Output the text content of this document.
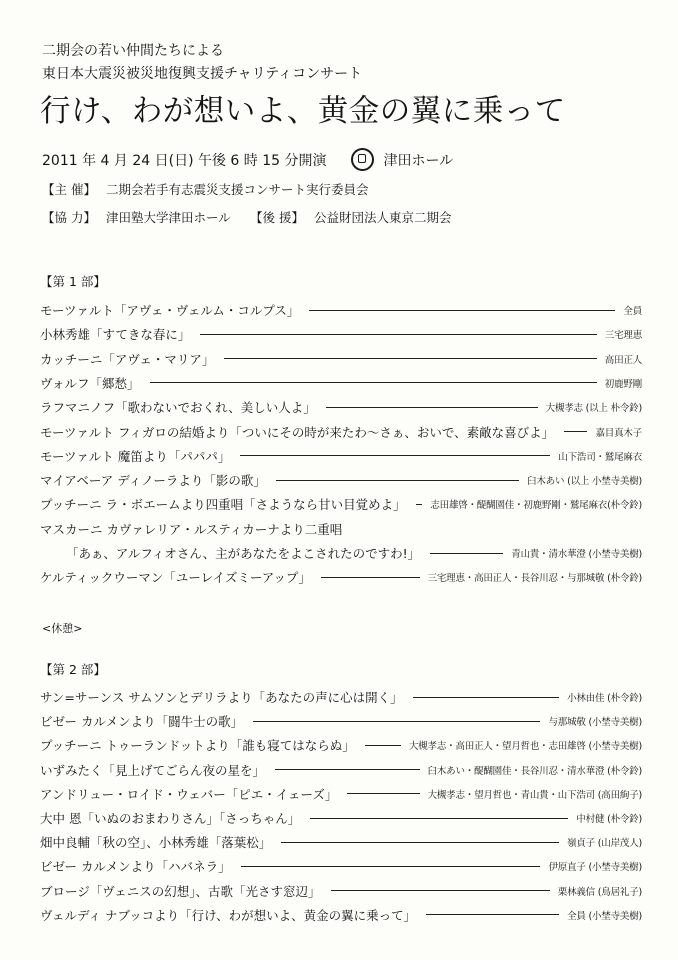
二期会の若い仲間たちによる
東日本大震災被災地復興支援チャリティコンサート
行け、わが想いよ、黄金の翼に乗って
2011 年 4 月 24 日(日) 午後 6 時 15 分開演	津田ホール
【主 催】 二期会若手有志震災支援コンサート実行委員会
【協 力】 津田塾大学津田ホール 【後 援】 公益財団法人東京二期会
【第 1 部】
モーツァルト「アヴェ・ヴェルム・コルプス」	全員
小林秀雄「すてきな春に」	三宅理恵
カッチーニ「アヴェ・マリア」	高田正人
ヴォルフ「郷愁」	初鹿野剛
ラフマニノフ「歌わないでおくれ、美しい人よ」	大槻孝志 (以上 朴令鈴)
モーツァルト フィガロの結婚より「ついにその時が来たわ～さぁ、おいで、素敵な喜びよ」	嘉目真木子
モーツァルト 魔笛より「パパパ」	山下浩司・鷲尾麻衣
マイアベーア ディノーラより「影の歌」	臼木あい (以上 小埜寺美樹)
プッチーニ ラ・ボエームより四重唱「さようなら甘い目覚めよ」	志田雄啓・醍醐園佳・初鹿野剛・鷲尾麻衣(朴令鈴)
マスカーニ カヴァレリア・ルスティカーナより二重唱
「あぁ、アルフィオさん、主があなたをよこされたのですわ!」	青山貴・清水華澄 (小埜寺美樹)
ケルティックウーマン「ユーレイズミーアップ」	三宅理恵・高田正人・長谷川忍・与那城敬 (朴令鈴)
<休憩>
【第 2 部】
サン=サーンス サムソンとデリラより「あなたの声に心は開く」	小林由佳 (朴令鈴)
ビゼー カルメンより「闘牛士の歌」	与那城敬 (小埜寺美樹)
プッチーニ トゥーランドットより「誰も寝てはならぬ」	大槻孝志・高田正人・望月哲也・志田雄啓 (小埜寺美樹)
いずみたく「見上げてごらん夜の星を」	臼木あい・醍醐園佳・長谷川忍・清水華澄 (朴令鈴)
アンドリュー・ロイド・ウェバー「ピエ・イェーズ」	大槻孝志・望月哲也・青山貴・山下浩司 (高田絢子)
大中 恩「いぬのおまわりさん」「さっちゃん」	中村健 (朴令鈴)
畑中良輔「秋の空」、小林秀雄「落葉松」	嶺貞子 (山岸茂人)
ビゼー カルメンより「ハバネラ」	伊原直子 (小埜寺美樹)
ブロージ「ヴェニスの幻想」、古歌「光さす窓辺」	栗林義信 (鳥居礼子)
ヴェルディ ナブッコより「行け、わが想いよ、黄金の翼に乗って」	全員 (小埜寺美樹)
